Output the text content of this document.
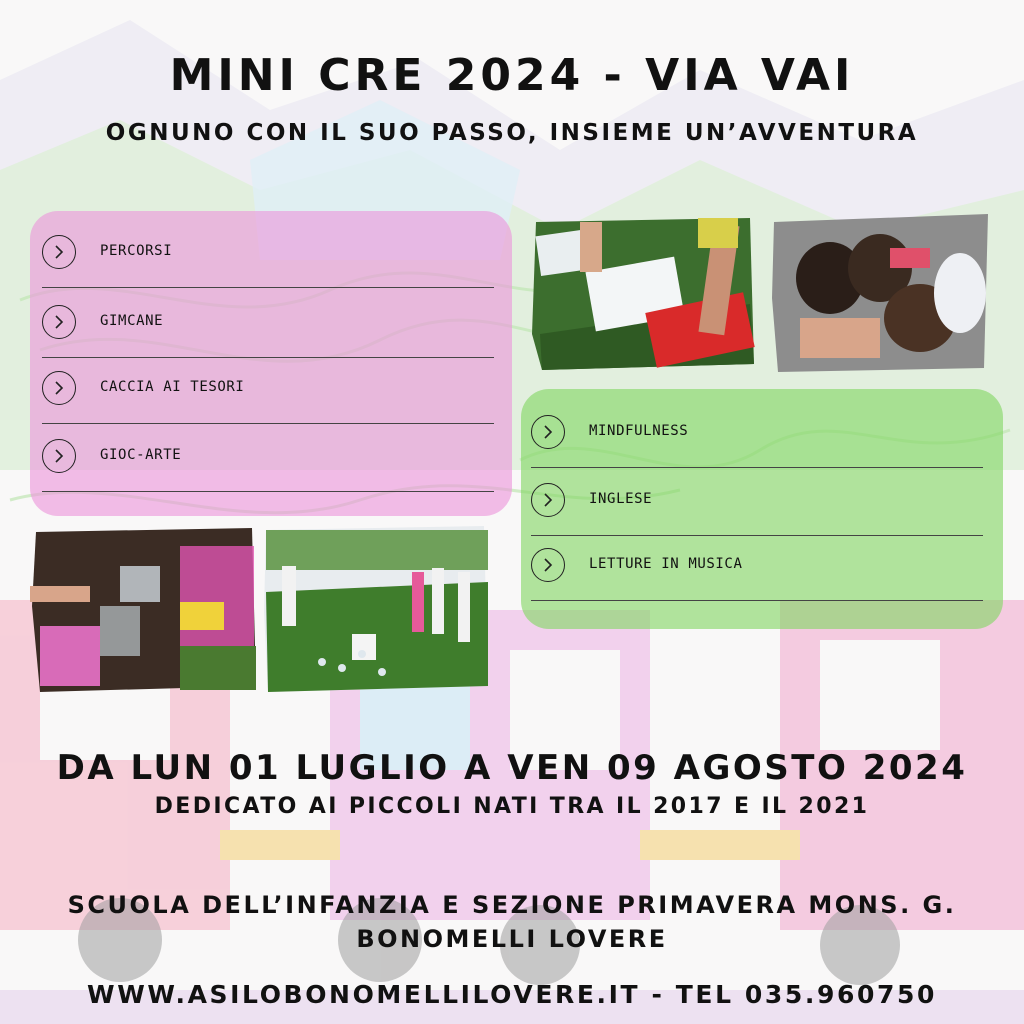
MINI CRE 2024 - VIA VAI
OGNUNO CON IL SUO PASSO, INSIEME UN’AVVENTURA
PERCORSI
GIMCANE
CACCIA AI TESORI
GIOC-ARTE
MINDFULNESS
INGLESE
LETTURE IN MUSICA
DA LUN 01 LUGLIO A VEN 09 AGOSTO 2024
DEDICATO AI PICCOLI NATI TRA IL 2017 E IL 2021
SCUOLA DELL’INFANZIA E SEZIONE PRIMAVERA MONS. G. BONOMELLI LOVERE
WWW.ASILOBONOMELLILOVERE.IT - TEL 035.960750
